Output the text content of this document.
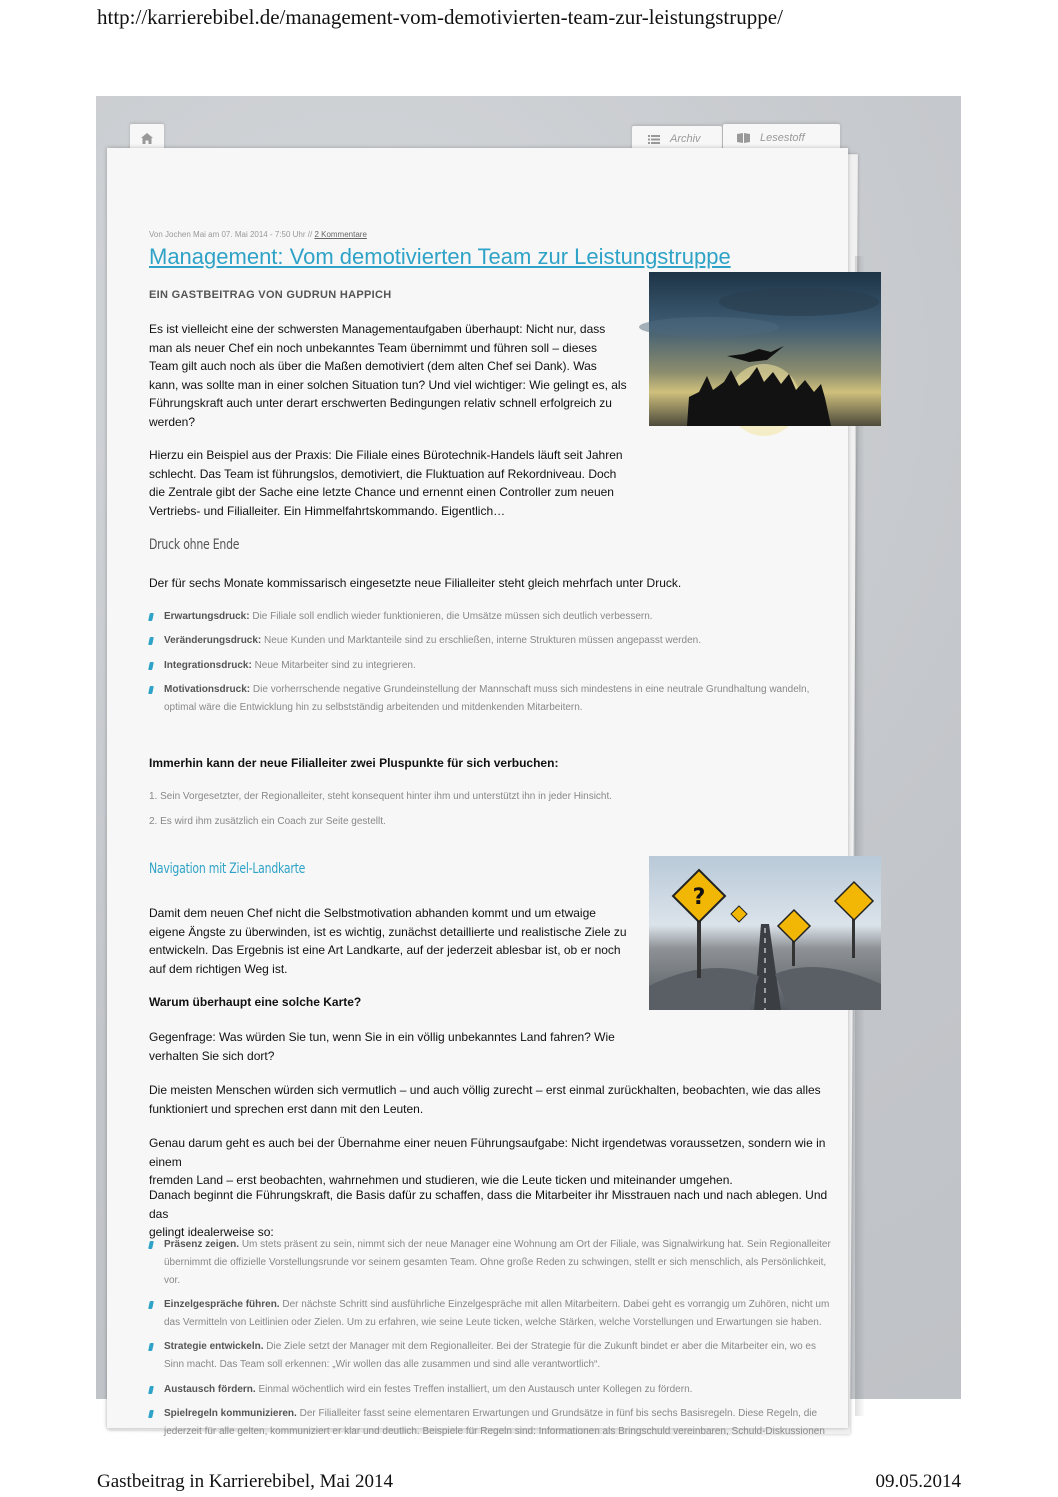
http://karrierebibel.de/management-vom-demotivierten-team-zur-leistungstruppe/
Archiv	Lesestoff
Von Jochen Mai am 07. Mai 2014 - 7:50 Uhr // 2 Kommentare
Management: Vom demotivierten Team zur Leistungstruppe
EIN GASTBEITRAG VON GUDRUN HAPPICH
Es ist vielleicht eine der schwersten Managementaufgaben überhaupt: Nicht nur, dass
man als neuer Chef ein noch unbekanntes Team übernimmt und führen soll – dieses
Team gilt auch noch als über die Maßen demotiviert (dem alten Chef sei Dank). Was
kann, was sollte man in einer solchen Situation tun? Und viel wichtiger: Wie gelingt es, als
Führungskraft auch unter derart erschwerten Bedingungen relativ schnell erfolgreich zu
werden?
Hierzu ein Beispiel aus der Praxis: Die Filiale eines Bürotechnik-Handels läuft seit Jahren
schlecht. Das Team ist führungslos, demotiviert, die Fluktuation auf Rekordniveau. Doch
die Zentrale gibt der Sache eine letzte Chance und ernennt einen Controller zum neuen
Vertriebs- und Filialleiter. Ein Himmelfahrtskommando. Eigentlich…
Druck ohne Ende
Der für sechs Monate kommissarisch eingesetzte neue Filialleiter steht gleich mehrfach unter Druck.
Erwartungsdruck: Die Filiale soll endlich wieder funktionieren, die Umsätze müssen sich deutlich verbessern.
Veränderungsdruck: Neue Kunden und Marktanteile sind zu erschließen, interne Strukturen müssen angepasst werden.
Integrationsdruck: Neue Mitarbeiter sind zu integrieren.
Motivationsdruck: Die vorherrschende negative Grundeinstellung der Mannschaft muss sich mindestens in eine neutrale Grundhaltung wandeln,
optimal wäre die Entwicklung hin zu selbstständig arbeitenden und mitdenkenden Mitarbeitern.
Immerhin kann der neue Filialleiter zwei Pluspunkte für sich verbuchen:
1. Sein Vorgesetzter, der Regionalleiter, steht konsequent hinter ihm und unterstützt ihn in jeder Hinsicht.
2. Es wird ihm zusätzlich ein Coach zur Seite gestellt.
Navigation mit Ziel-Landkarte
Damit dem neuen Chef nicht die Selbstmotivation abhanden kommt und um etwaige
eigene Ängste zu überwinden, ist es wichtig, zunächst detaillierte und realistische Ziele zu
entwickeln. Das Ergebnis ist eine Art Landkarte, auf der jederzeit ablesbar ist, ob er noch
auf dem richtigen Weg ist.
Warum überhaupt eine solche Karte?
Gegenfrage: Was würden Sie tun, wenn Sie in ein völlig unbekanntes Land fahren? Wie
verhalten Sie sich dort?
Die meisten Menschen würden sich vermutlich – und auch völlig zurecht – erst einmal zurückhalten, beobachten, wie das alles
funktioniert und sprechen erst dann mit den Leuten.
Genau darum geht es auch bei der Übernahme einer neuen Führungsaufgabe: Nicht irgendetwas voraussetzen, sondern wie in einem
fremden Land – erst beobachten, wahrnehmen und studieren, wie die Leute ticken und miteinander umgehen.
Danach beginnt die Führungskraft, die Basis dafür zu schaffen, dass die Mitarbeiter ihr Misstrauen nach und nach ablegen. Und das
gelingt idealerweise so:
Präsenz zeigen. Um stets präsent zu sein, nimmt sich der neue Manager eine Wohnung am Ort der Filiale, was Signalwirkung hat. Sein Regionalleiter
übernimmt die offizielle Vorstellungsrunde vor seinem gesamten Team. Ohne große Reden zu schwingen, stellt er sich menschlich, als Persönlichkeit,
vor.
Einzelgespräche führen. Der nächste Schritt sind ausführliche Einzelgespräche mit allen Mitarbeitern. Dabei geht es vorrangig um Zuhören, nicht um
das Vermitteln von Leitlinien oder Zielen. Um zu erfahren, wie seine Leute ticken, welche Stärken, welche Vorstellungen und Erwartungen sie haben.
Strategie entwickeln. Die Ziele setzt der Manager mit dem Regionalleiter. Bei der Strategie für die Zukunft bindet er aber die Mitarbeiter ein, wo es
Sinn macht. Das Team soll erkennen: „Wir wollen das alle zusammen und sind alle verantwortlich“.
Austausch fördern. Einmal wöchentlich wird ein festes Treffen installiert, um den Austausch unter Kollegen zu fördern.
Spielregeln kommunizieren. Der Filialleiter fasst seine elementaren Erwartungen und Grundsätze in fünf bis sechs Basisregeln. Diese Regeln, die
jederzeit für alle gelten, kommuniziert er klar und deutlich. Beispiele für Regeln sind: Informationen als Bringschuld vereinbaren, Schuld-Diskussionen
?
Gastbeitrag in Karrierebibel, Mai 2014	09.05.2014
